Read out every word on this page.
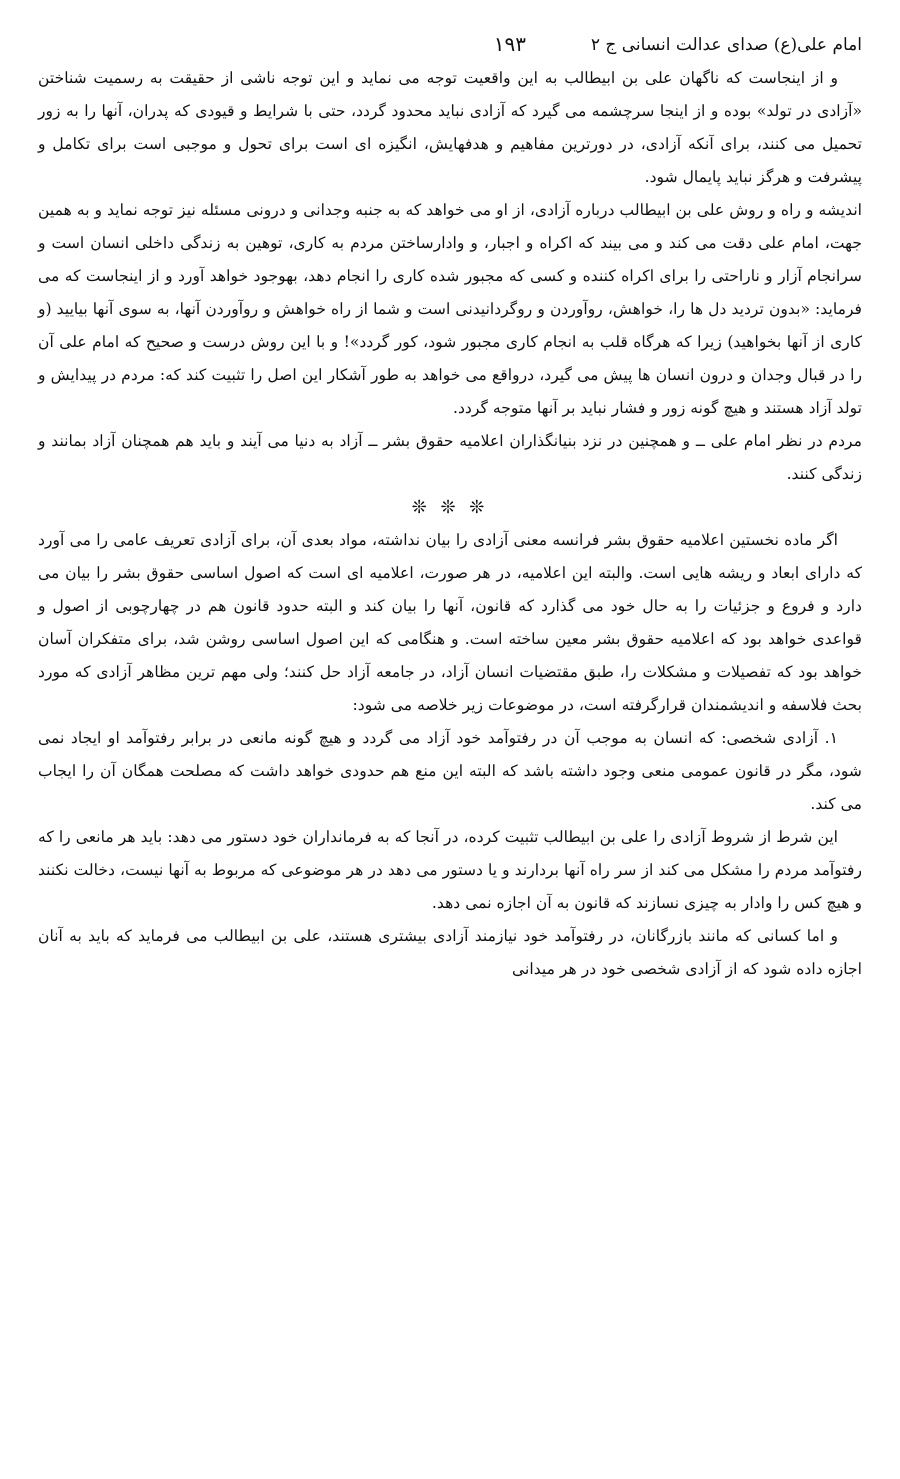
امام علی(ع) صدای عدالت انسانی ج ۲
۱۹۳

و از اینجاست که ناگهان علی بن ابیطالب به این واقعیت توجه می نماید و این توجه ناشی از حقیقت به رسمیت شناختن «آزادی در تولد» بوده و از اینجا سرچشمه می گیرد که آزادی نباید محدود گردد، حتی با شرایط و قیودی که پدران، آنها را به زور تحمیل می کنند، برای آنکه آزادی، در دورترین مفاهیم و هدفهایش، انگیزه ای است برای تحول و موجبی است برای تکامل و پیشرفت و هرگز نباید پایمال شود.

اندیشه و راه و روش علی بن ابیطالب درباره آزادی، از او می خواهد که به جنبه وجدانی و درونی مسئله نیز توجه نماید و به همین جهت، امام علی دقت می کند و می بیند که اکراه و اجبار، و وادارساختن مردم به کاری، توهین به زندگی داخلی انسان است و سرانجام آزار و ناراحتی را برای اکراه کننده و کسی که مجبور شده کاری را انجام دهد، بهوجود خواهد آورد و از اینجاست که می فرماید: «بدون تردید دل ها را، خواهش، روآوردن و روگردانیدنی است و شما از راه خواهش و روآوردن آنها، به سوی آنها بیایید (و کاری از آنها بخواهید) زیرا که هرگاه قلب به انجام کاری مجبور شود، کور گردد»! و با این روش درست و صحیح که امام علی آن را در قبال وجدان و درون انسان ها پیش می گیرد، درواقع می خواهد به طور آشکار این اصل را تثبیت کند که: مردم در پیدایش و تولد آزاد هستند و هیچ گونه زور و فشار نباید بر آنها متوجه گردد.

مردم در نظر امام علی ــ و همچنین در نزد بنیانگذاران اعلامیه حقوق بشر ــ آزاد به دنیا می آیند و باید هم همچنان آزاد بمانند و زندگی کنند.

❊ ❊ ❊

اگر ماده نخستین اعلامیه حقوق بشر فرانسه معنی آزادی را بیان نداشته، مواد بعدی آن، برای آزادی تعریف عامی را می آورد که دارای ابعاد و ریشه هایی است. والبته این اعلامیه، در هر صورت، اعلامیه ای است که اصول اساسی حقوق بشر را بیان می دارد و فروع و جزئیات را به حال خود می گذارد که قانون، آنها را بیان کند و البته حدود قانون هم در چهارچوبی از اصول و قواعدی خواهد بود که اعلامیه حقوق بشر معین ساخته است. و هنگامی که این اصول اساسی روشن شد، برای متفکران آسان خواهد بود که تفصیلات و مشکلات را، طبق مقتضیات انسان آزاد، در جامعه آزاد حل کنند؛ ولی مهم ترین مظاهر آزادی که مورد بحث فلاسفه و اندیشمندان قرارگرفته است، در موضوعات زیر خلاصه می شود:

۱. آزادی شخصی: که انسان به موجب آن در رفتوآمد خود آزاد می گردد و هیچ گونه مانعی در برابر رفتوآمد او ایجاد نمی شود، مگر در قانون عمومی منعی وجود داشته باشد که البته این منع هم حدودی خواهد داشت که مصلحت همگان آن را ایجاب می کند.

این شرط از شروط آزادی را علی بن ابیطالب تثبیت کرده، در آنجا که به فرمانداران خود دستور می دهد: باید هر مانعی را که رفتوآمد مردم را مشکل می کند از سر راه آنها بردارند و یا دستور می دهد در هر موضوعی که مربوط به آنها نیست، دخالت نکنند و هیچ کس را وادار به چیزی نسازند که قانون به آن اجازه نمی دهد.

و اما کسانی که مانند بازرگانان، در رفتوآمد خود نیازمند آزادی بیشتری هستند، علی بن ابیطالب می فرماید که باید به آنان اجازه داده شود که از آزادی شخصی خود در هر میدانی
